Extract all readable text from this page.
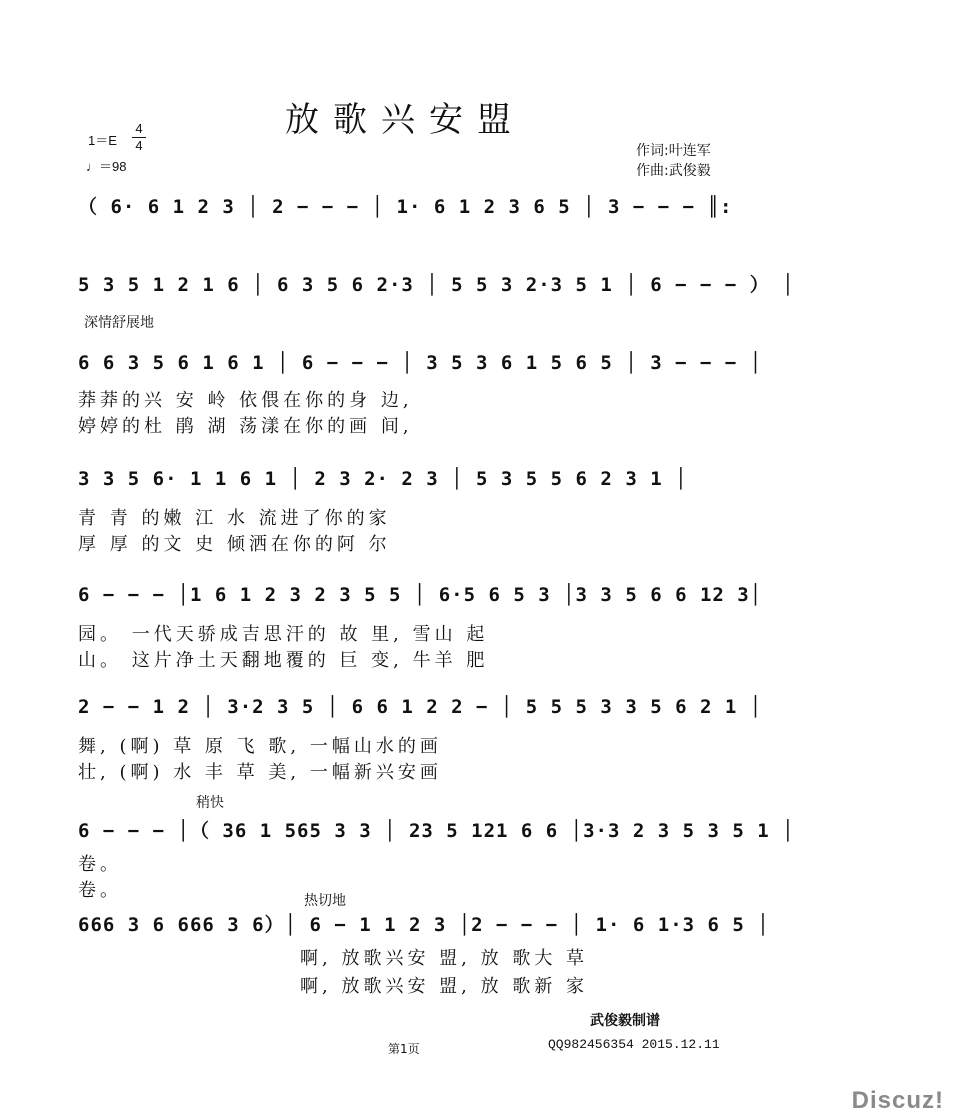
放歌兴安盟
1＝E
4
4
♩＝98
作词:叶连军
作曲:武俊毅
（ 6· 6 1 2 3 │ 2 − − − │ 1· 6 1 2 3 6 5 │ 3 − − − ║:
5 3 5 1 2 1 6 │ 6 3 5 6 2·3 │ 5 5 3 2·3 5 1 │ 6 − − − ） │
深情舒展地
6 6 3 5 6 1 6 1 │ 6 − − − │ 3 5 3 6 1 5 6 5 │ 3 − − − │
莽莽的兴 安 岭 依偎在你的身 边,
婷婷的杜 鹃 湖 荡漾在你的画 间,
3 3 5 6· 1 1 6 1 │ 2 3 2· 2 3 │ 5 3 5 5 6 2 3 1 │
青 青 的嫩 江 水 流进了你的家
厚 厚 的文 史 倾洒在你的阿 尔
6 − − − │1 6 1 2 3 2 3 5 5 │ 6·5 6 5 3 │3 3 5 6 6 12 3│
园。 一代天骄成吉思汗的 故 里, 雪山 起
山。 这片净土天翻地覆的 巨 变, 牛羊 肥
2 − − 1 2 │ 3·2 3 5 │ 6 6 1 2 2 − │ 5 5 5 3 3 5 6 2 1 │
舞, (啊) 草 原 飞 歌, 一幅山水的画
壮, (啊) 水 丰 草 美, 一幅新兴安画
稍快
6 − − − │（ 36 1 565 3 3 │ 23 5 121 6 6 │3·3 2 3 5 3 5 1 │
卷。
卷。	热切地
666 3 6 666 3 6）│ 6 − 1 1 2 3 │2 − − − │ 1· 6 1·3 6 5 │
啊, 放歌兴安 盟, 放 歌大 草
啊, 放歌兴安 盟, 放 歌新 家
武俊毅制谱
第1页	QQ982456354 2015.12.11
Discuz!
